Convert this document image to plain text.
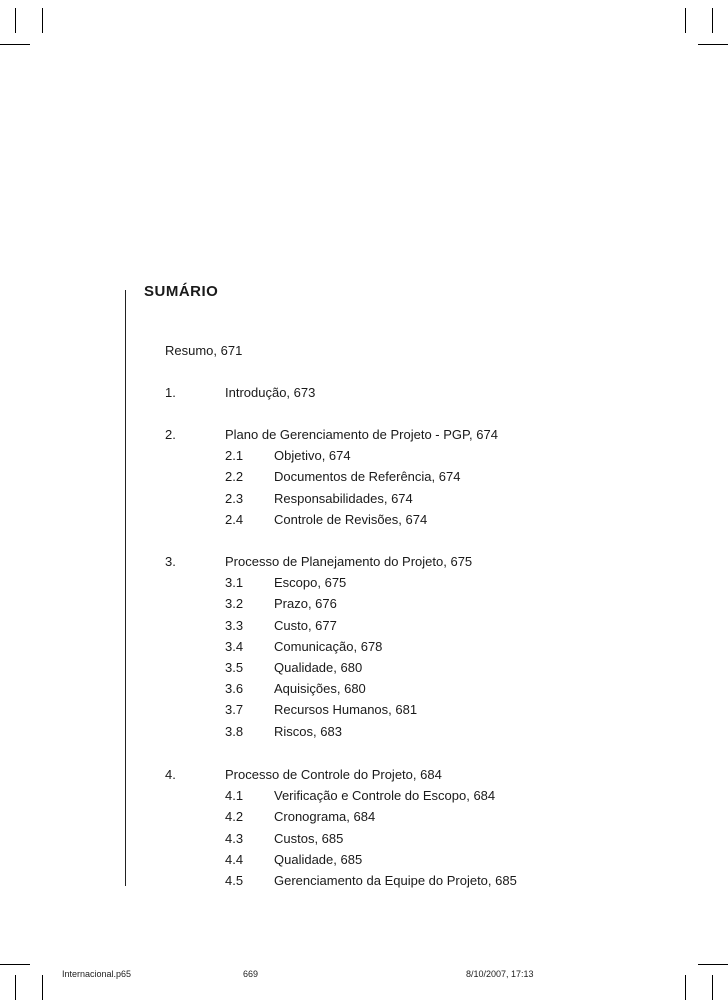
SUMÁRIO
Resumo, 671
1.	Introdução, 673
2.	Plano de Gerenciamento de Projeto - PGP, 674
2.1 Objetivo, 674
2.2 Documentos de Referência, 674
2.3 Responsabilidades, 674
2.4 Controle de Revisões, 674
3.	Processo de Planejamento do Projeto, 675
3.1 Escopo, 675
3.2 Prazo, 676
3.3 Custo, 677
3.4 Comunicação, 678
3.5 Qualidade, 680
3.6 Aquisições, 680
3.7 Recursos Humanos, 681
3.8 Riscos, 683
4.	Processo de Controle do Projeto, 684
4.1 Verificação e Controle do Escopo, 684
4.2 Cronograma, 684
4.3 Custos, 685
4.4 Qualidade, 685
4.5 Gerenciamento da Equipe do Projeto, 685
Internacional.p65	669	8/10/2007, 17:13
